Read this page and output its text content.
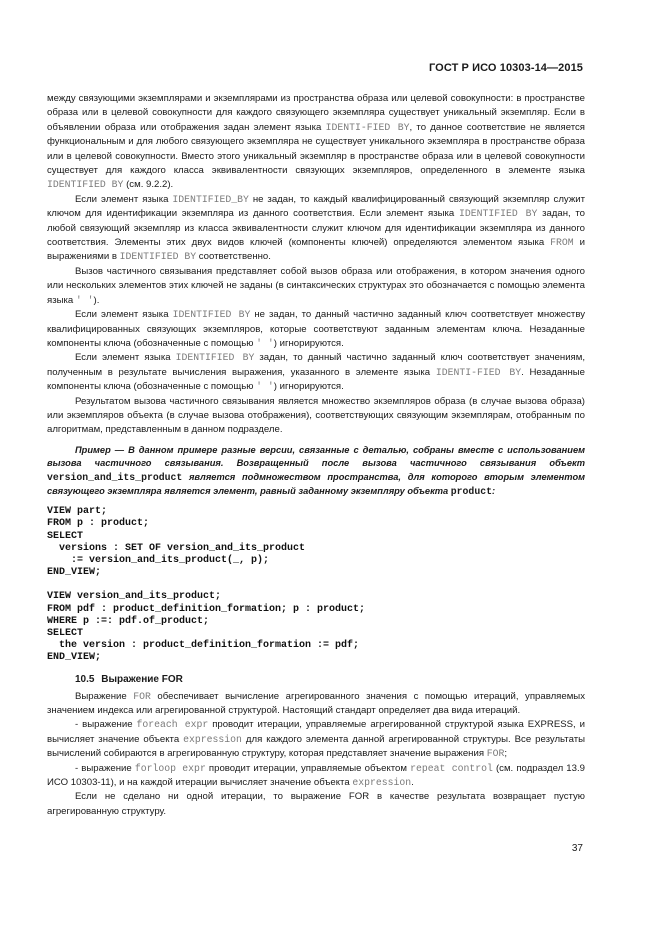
ГОСТ Р ИСО 10303-14—2015

между связующими экземплярами и экземплярами из пространства образа или целевой совокупности: в пространстве образа или в целевой совокупности для каждого связующего экземпляра существует уникальный экземпляр. Если в объявлении образа или отображения задан элемент языка IDENTI-FIED BY, то данное соответствие не является функциональным и для любого связующего экземпляра не существует уникального экземпляра в пространстве образа или в целевой совокупности. Вместо этого уникальный экземпляр в пространстве образа или в целевой совокупности существует для каждого класса эквивалентности связующих экземпляров, определенного в элементе языка IDENTIFIED BY (см. 9.2.2).

Если элемент языка IDENTIFIED_BY не задан, то каждый квалифицированный связующий экземпляр служит ключом для идентификации экземпляра из данного соответствия. Если элемент языка IDENTIFIED BY задан, то любой связующий экземпляр из класса эквивалентности служит ключом для идентификации экземпляра из данного соответствия. Элементы этих двух видов ключей (компоненты ключей) определяются элементом языка FROM и выражениями в IDENTIFIED BY соответственно.

Вызов частичного связывания представляет собой вызов образа или отображения, в котором значения одного или нескольких элементов этих ключей не заданы (в синтаксических структурах это обозначается с помощью элемента языка ' ').

Если элемент языка IDENTIFIED BY не задан, то данный частично заданный ключ соответствует множеству квалифицированных связующих экземпляров, которые соответствуют заданным элементам ключа. Незаданные компоненты ключа (обозначенные с помощью ' ') игнорируются.

Если элемент языка IDENTIFIED BY задан, то данный частично заданный ключ соответствует значениям, полученным в результате вычисления выражения, указанного в элементе языка IDENTI-FIED BY. Незаданные компоненты ключа (обозначенные с помощью ' ') игнорируются.

Результатом вызова частичного связывания является множество экземпляров образа (в случае вызова образа) или экземпляров объекта (в случае вызова отображения), соответствующих связующим экземплярам, отобранным по алгоритмам, представленным в данном подразделе.

Пример — В данном примере разные версии, связанные с деталью, собраны вместе с использованием вызова частичного связывания. Возвращенный после вызова частичного связывания объект version_and_its_product является подмножеством пространства, для которого вторым элементом связующего экземпляра является элемент, равный заданному экземпляру объекта product:
VIEW part;
FROM p : product;
SELECT
versions : SET OF version_and_its_product
:= version_and_its_product(_, p);
END_VIEW;
VIEW version_and_its_product;
FROM pdf : product_definition_formation; p : product;
WHERE p :=: pdf.of_product;
SELECT
the version : product_definition_formation := pdf;
END_VIEW;
10.5 Выражение FOR

Выражение FOR обеспечивает вычисление агрегированного значения с помощью итераций, управляемых значением индекса или агрегированной структурой. Настоящий стандарт определяет два вида итераций.

- выражение foreach expr проводит итерации, управляемые агрегированной структурой языка EXPRESS, и вычисляет значение объекта expression для каждого элемента данной агрегированной структуры. Все результаты вычислений собираются в агрегированную структуру, которая представляет значение выражения FOR;

- выражение forloop expr проводит итерации, управляемые объектом repeat control (см. подраздел 13.9 ИСО 10303-11), и на каждой итерации вычисляет значение объекта expression.

Если не сделано ни одной итерации, то выражение FOR в качестве результата возвращает пустую агрегированную структуру.

37
